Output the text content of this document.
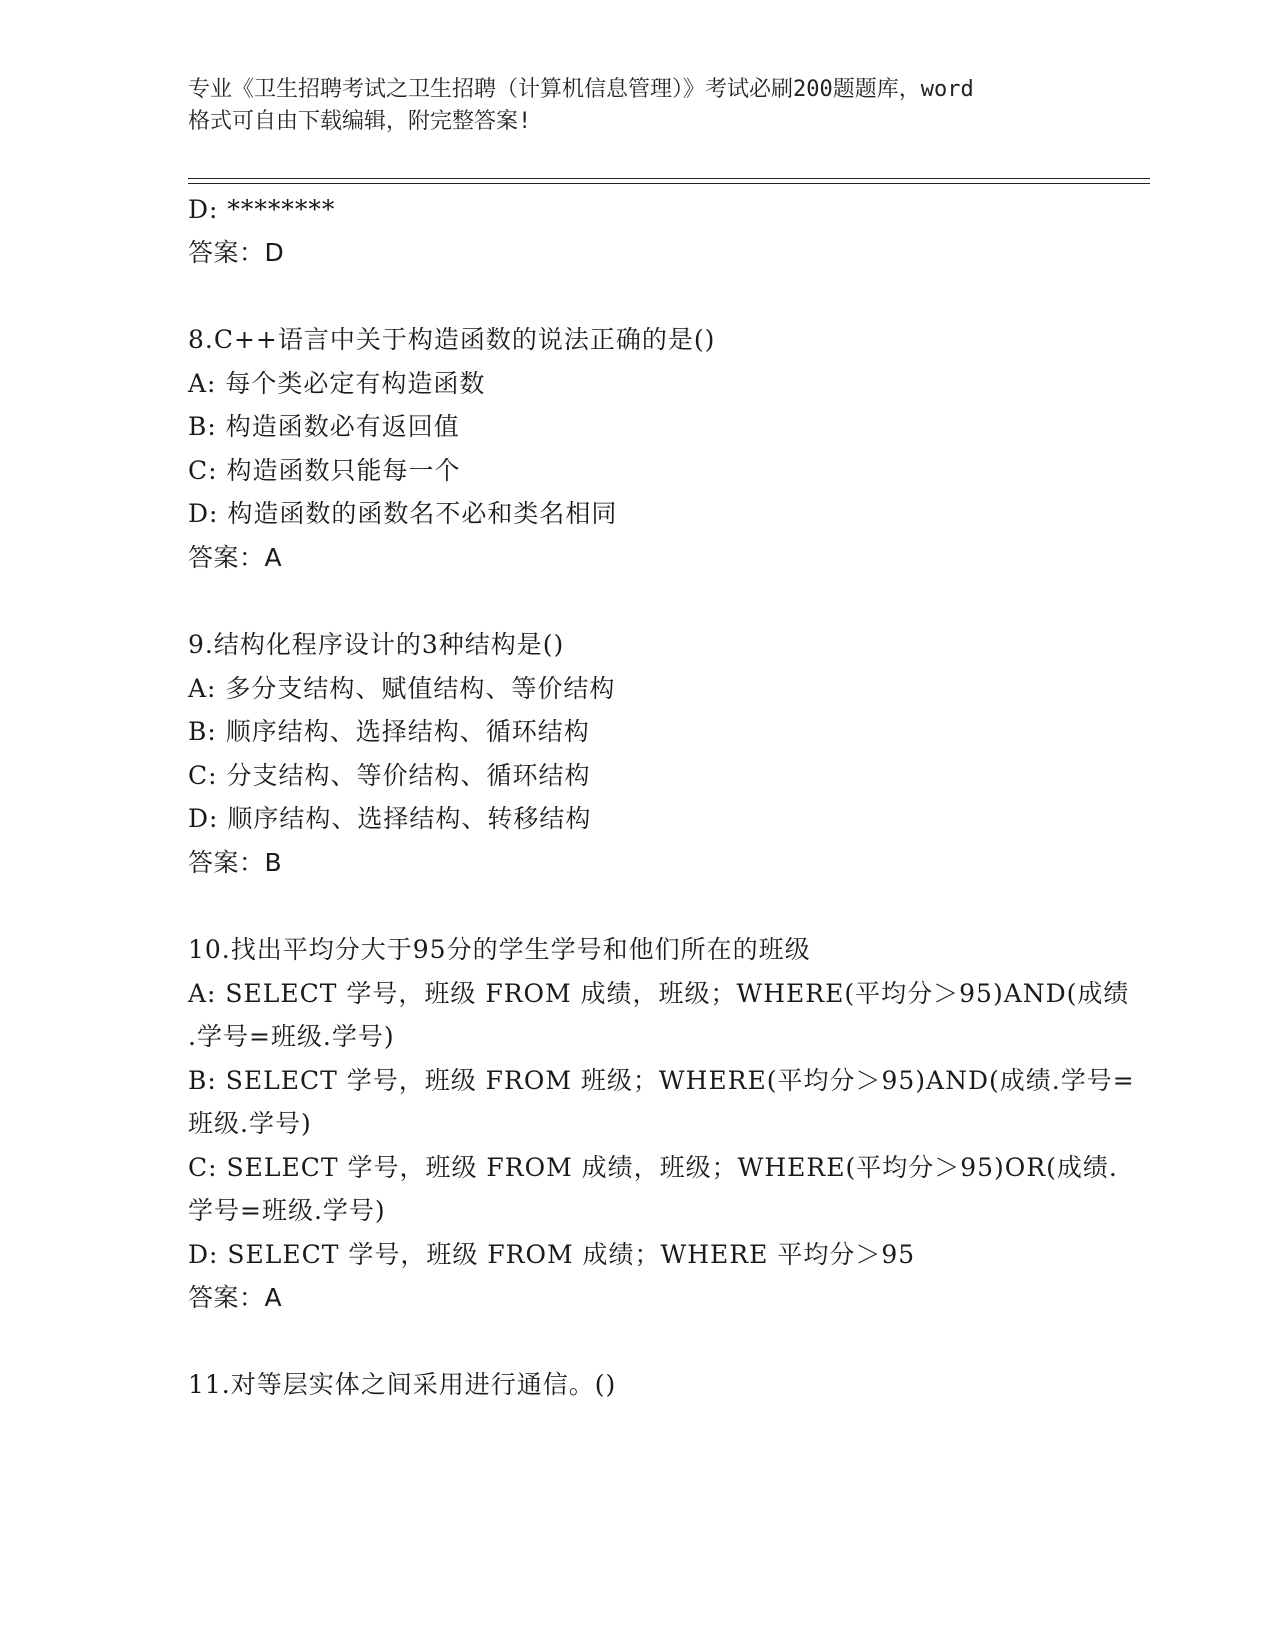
专业《卫生招聘考试之卫生招聘（计算机信息管理）》考试必刷200题题库，word
格式可自由下载编辑，附完整答案!
D: ********
答案：D
8.C++语言中关于构造函数的说法正确的是()
A: 每个类必定有构造函数
B: 构造函数必有返回值
C: 构造函数只能每一个
D: 构造函数的函数名不必和类名相同
答案：A
9.结构化程序设计的3种结构是()
A: 多分支结构、赋值结构、等价结构
B: 顺序结构、选择结构、循环结构
C: 分支结构、等价结构、循环结构
D: 顺序结构、选择结构、转移结构
答案：B
10.找出平均分大于95分的学生学号和他们所在的班级
A: SELECT 学号，班级 FROM 成绩，班级；WHERE(平均分＞95)AND(成绩
.学号=班级.学号)
B: SELECT 学号，班级 FROM 班级；WHERE(平均分＞95)AND(成绩.学号=
班级.学号)
C: SELECT 学号，班级 FROM 成绩，班级；WHERE(平均分＞95)OR(成绩.
学号=班级.学号)
D: SELECT 学号，班级 FROM 成绩；WHERE 平均分＞95
答案：A
11.对等层实体之间采用进行通信。()
